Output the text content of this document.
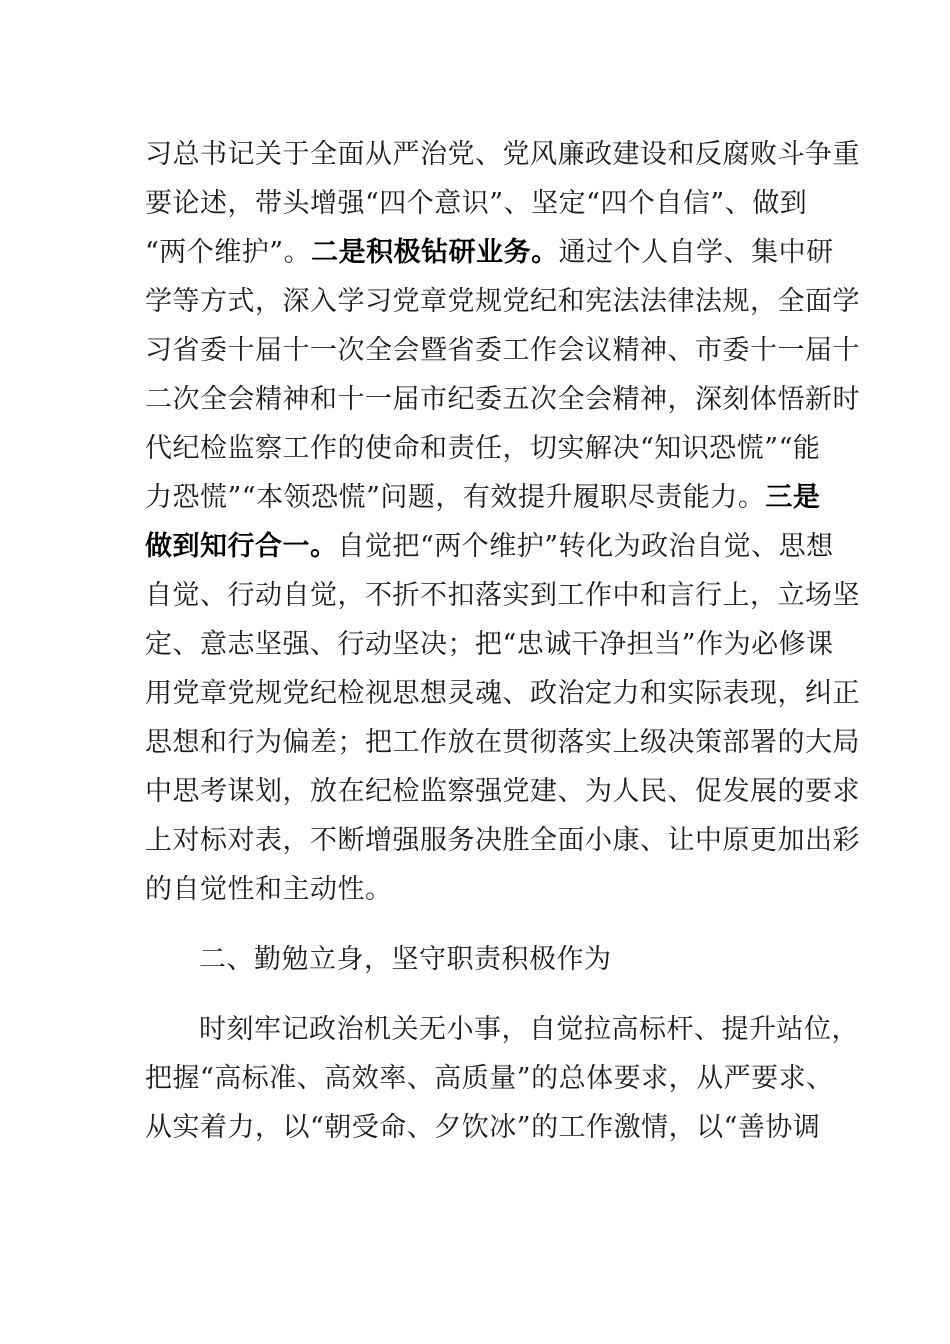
习总书记关于全面从严治党、党风廉政建设和反腐败斗争重
要论述，带头增强“四个意识”、坚定“四个自信”、做到
“两个维护”。二是积极钻研业务。通过个人自学、集中研
学等方式，深入学习党章党规党纪和宪法法律法规，全面学
习省委十届十一次全会暨省委工作会议精神、市委十一届十
二次全会精神和十一届市纪委五次全会精神，深刻体悟新时
代纪检监察工作的使命和责任，切实解决“知识恐慌”“能
力恐慌”“本领恐慌”问题，有效提升履职尽责能力。三是
做到知行合一。自觉把“两个维护”转化为政治自觉、思想
自觉、行动自觉，不折不扣落实到工作中和言行上，立场坚
定、意志坚强、行动坚决；把“忠诚干净担当”作为必修课
用党章党规党纪检视思想灵魂、政治定力和实际表现，纠正
思想和行为偏差；把工作放在贯彻落实上级决策部署的大局
中思考谋划，放在纪检监察强党建、为人民、促发展的要求
上对标对表，不断增强服务决胜全面小康、让中原更加出彩
的自觉性和主动性。
二、勤勉立身，坚守职责积极作为
时刻牢记政治机关无小事，自觉拉高标杆、提升站位，
把握“高标准、高效率、高质量”的总体要求，从严要求、
从实着力，以“朝受命、夕饮冰”的工作激情，以“善协调
